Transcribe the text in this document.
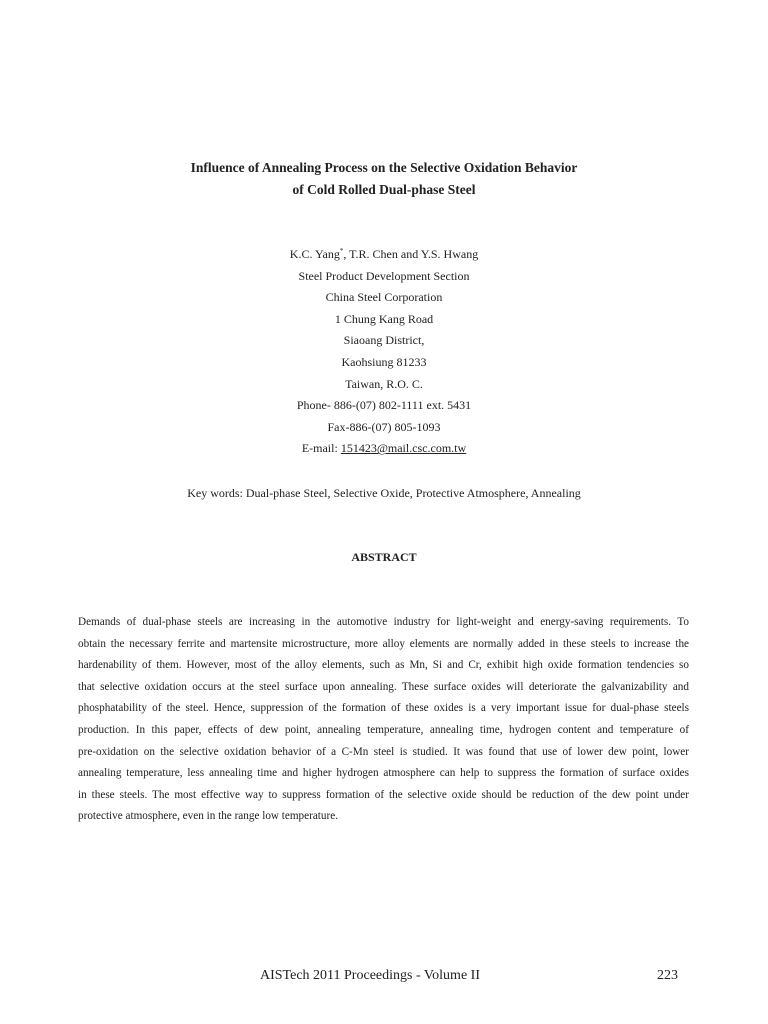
Influence of Annealing Process on the Selective Oxidation Behavior
of Cold Rolled Dual-phase Steel
K.C. Yang*, T.R. Chen and Y.S. Hwang
Steel Product Development Section
China Steel Corporation
1 Chung Kang Road
Siaoang District,
Kaohsiung 81233
Taiwan, R.O. C.
Phone- 886-(07) 802-1111 ext. 5431
Fax-886-(07) 805-1093
E-mail: 151423@mail.csc.com.tw
Key words: Dual-phase Steel, Selective Oxide, Protective Atmosphere, Annealing
ABSTRACT
Demands of dual-phase steels are increasing in the automotive industry for light-weight and energy-saving requirements. To
obtain the necessary ferrite and martensite microstructure, more alloy elements are normally added in these steels to increase the
hardenability of them. However, most of the alloy elements, such as Mn, Si and Cr, exhibit high oxide formation tendencies so
that selective oxidation occurs at the steel surface upon annealing. These surface oxides will deteriorate the galvanizability and
phosphatability of the steel. Hence, suppression of the formation of these oxides is a very important issue for dual-phase steels
production. In this paper, effects of dew point, annealing temperature, annealing time, hydrogen content and temperature of
pre-oxidation on the selective oxidation behavior of a C-Mn steel is studied. It was found that use of lower dew point, lower
annealing temperature, less annealing time and higher hydrogen atmosphere can help to suppress the formation of surface oxides
in these steels. The most effective way to suppress formation of the selective oxide should be reduction of the dew point under
protective atmosphere, even in the range low temperature.
AISTech 2011 Proceedings - Volume II	223
